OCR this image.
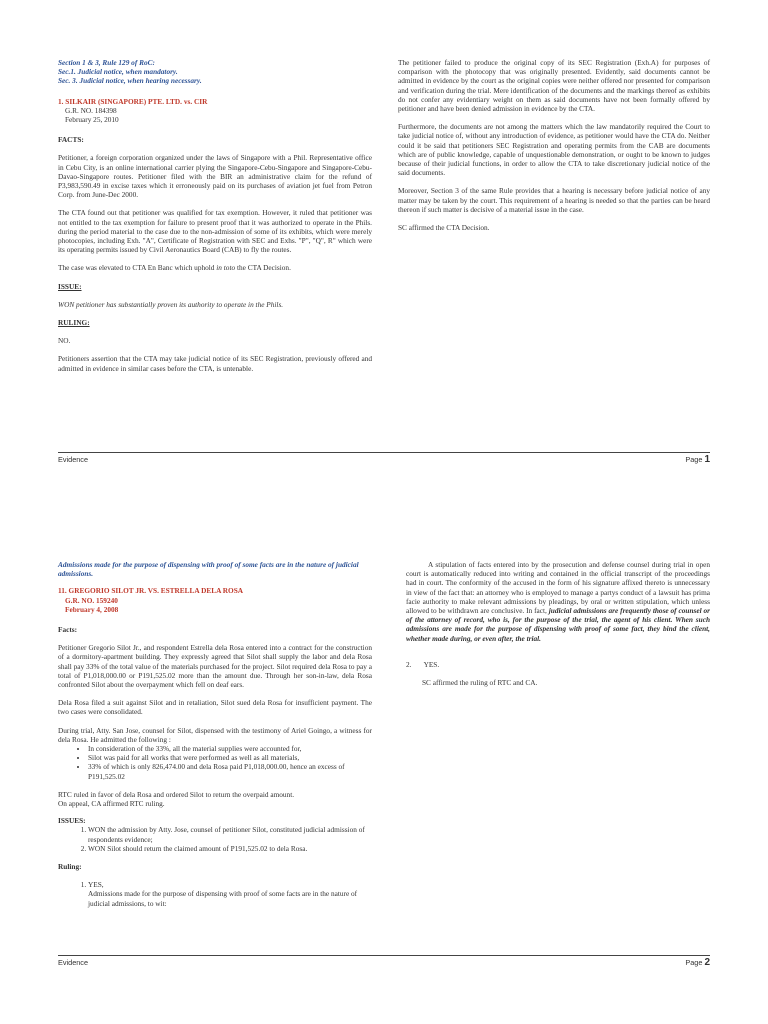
Section 1 & 3, Rule 129 of RoC:
Sec.1. Judicial notice, when mandatory.
Sec. 3. Judicial notice, when hearing necessary.
1. SILKAIR (SINGAPORE) PTE. LTD. vs. CIR
G.R. NO. 184398
February 25, 2010
FACTS:

Petitioner, a foreign corporation organized under the laws of Singapore with a Phil. Representative office in Cebu City, is an online international carrier plying the Singapore-Cebu-Singapore and Singapore-Cebu-Davao-Singapore routes. Petitioner filed with the BIR an administrative claim for the refund of P3,983,590.49 in excise taxes which it erroneously paid on its purchases of aviation jet fuel from Petron Corp. from June-Dec 2000.

The CTA found out that petitioner was qualified for tax exemption. However, it ruled that petitioner was not entitled to the tax exemption for failure to present proof that it was authorized to operate in the Phils. during the period material to the case due to the non-admission of some of its exhibits, which were merely photocopies, including Exh. "A", Certificate of Registration with SEC and Exhs. "P", "Q", R" which were its operating permits issued by Civil Aeronautics Board (CAB) to fly the routes.

The case was elevated to CTA En Banc which uphold in toto the CTA Decision.

ISSUE:

WON petitioner has substantially proven its authority to operate in the Phils.

RULING:

NO.

Petitioners assertion that the CTA may take judicial notice of its SEC Registration, previously offered and admitted in evidence in similar cases before the CTA, is untenable.

The petitioner failed to produce the original copy of its SEC Registration (Exh.A) for purposes of comparison with the photocopy that was originally presented. Evidently, said documents cannot be admitted in evidence by the court as the original copies were neither offered nor presented for comparison and verification during the trial. Mere identification of the documents and the markings thereof as exhibits do not confer any evidentiary weight on them as said documents have not been formally offered by petitioner and have been denied admission in evidence by the CTA.

Furthermore, the documents are not among the matters which the law mandatorily required the Court to take judicial notice of, without any introduction of evidence, as petitioner would have the CTA do. Neither could it be said that petitioners SEC Registration and operating permits from the CAB are documents which are of public knowledge, capable of unquestionable demonstration, or ought to be known to judges because of their judicial functions, in order to allow the CTA to take discretionary judicial notice of the said documents.

Moreover, Section 3 of the same Rule provides that a hearing is necessary before judicial notice of any matter may be taken by the court. This requirement of a hearing is needed so that the parties can be heard thereon if such matter is decisive of a material issue in the case.

SC affirmed the CTA Decision.

Evidence	Page 1

Admissions made for the purpose of dispensing with proof of some facts are in the nature of judicial admissions.

11. GREGORIO SILOT JR. VS. ESTRELLA DELA ROSA
G.R. NO. 159240
February 4, 2008
Facts:

Petitioner Gregorio Silot Jr., and respondent Estrella dela Rosa entered into a contract for the construction of a dormitory-apartment building. They expressly agreed that Silot shall supply the labor and dela Rosa shall pay 33% of the total value of the materials purchased for the project. Silot required dela Rosa to pay a total of P1,018,000.00 or P191,525.02 more than the amount due. Through her son-in-law, dela Rosa confronted Silot about the overpayment which fell on deaf ears.

Dela Rosa filed a suit against Silot and in retaliation, Silot sued dela Rosa for insufficient payment. The two cases were consolidated.

During trial, Atty. San Jose, counsel for Silot, dispensed with the testimony of Ariel Goingo, a witness for dela Rosa. He admitted the following :

• In consideration of the 33%, all the material supplies were accounted for,
• Silot was paid for all works that were performed as well as all materials,
• 33% of which is only 826,474.00 and dela Rosa paid P1,018,000.00, hence an excess of P191,525.02

RTC ruled in favor of dela Rosa and ordered Silot to return the overpaid amount.
On appeal, CA affirmed RTC ruling.

ISSUES:
1. WON the admission by Atty. Jose, counsel of petitioner Silot, constituted judicial admission of respondents evidence;
2. WON Silot should return the claimed amount of P191,525.02 to dela Rosa.
Ruling:
1. YES,
Admissions made for the purpose of dispensing with proof of some facts are in the nature of judicial admissions, to wit:

A stipulation of facts entered into by the prosecution and defense counsel during trial in open court is automatically reduced into writing and contained in the official transcript of the proceedings had in court. The conformity of the accused in the form of his signature affixed thereto is unnecessary in view of the fact that: an attorney who is employed to manage a partys conduct of a lawsuit has prima facie authority to make relevant admissions by pleadings, by oral or written stipulation, which unless allowed to be withdrawn are conclusive. In fact, judicial admissions are frequently those of counsel or of the attorney of record, who is, for the purpose of the trial, the agent of his client. When such admissions are made for the purpose of dispensing with proof of some fact, they bind the client, whether made during, or even after, the trial.

2. YES.

SC affirmed the ruling of RTC and CA.

Evidence	Page 2
